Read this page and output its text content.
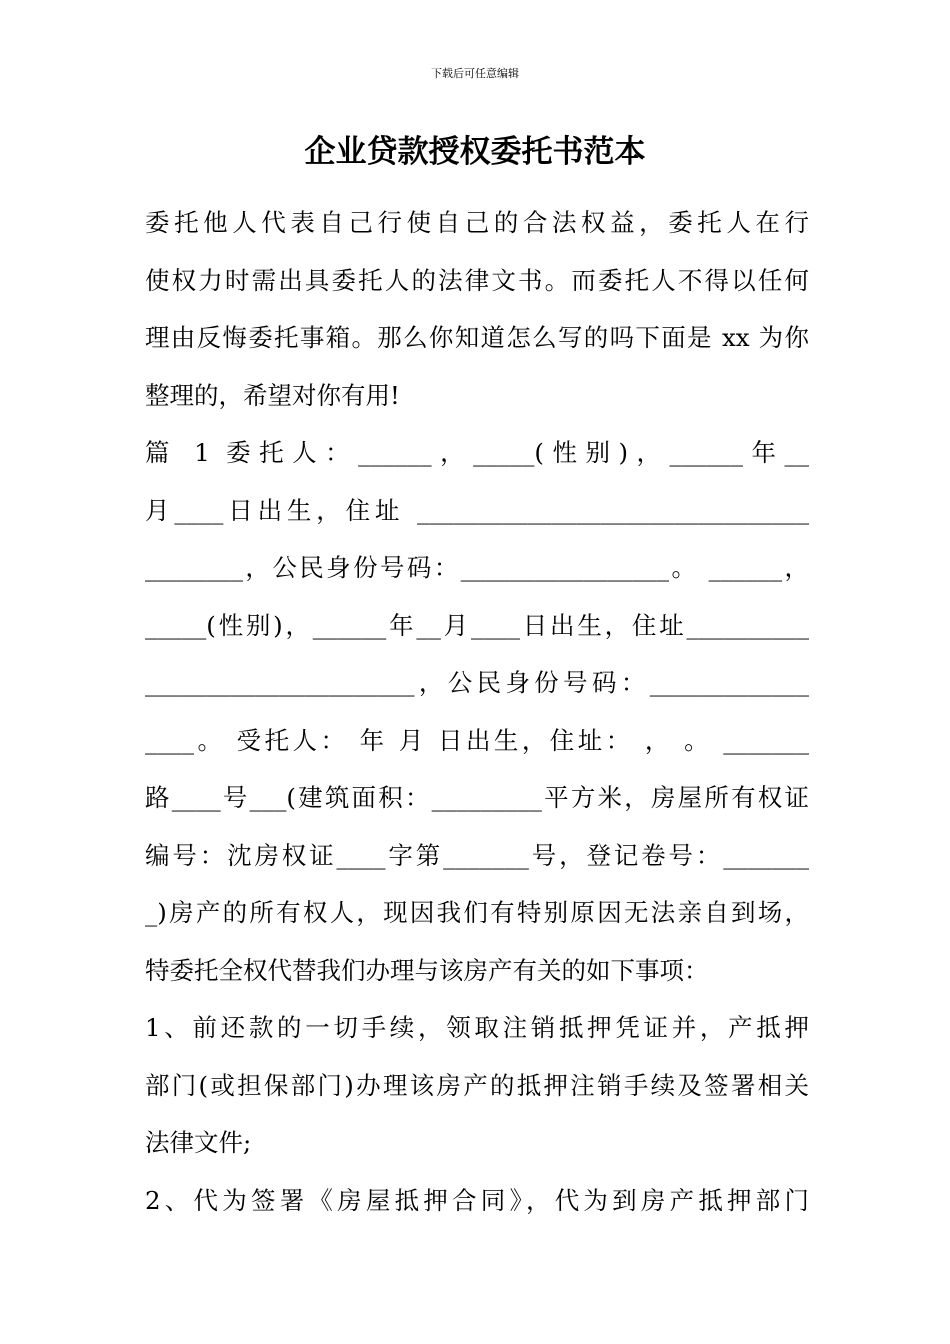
下载后可任意编辑
企业贷款授权委托书范本
委托他人代表自己行使自己的合法权益，委托人在行
使权力时需出具委托人的法律文书。而委托人不得以任何
理由反悔委托事箱。那么你知道怎么写的吗下面是 xx 为你
整理的，希望对你有用!
篇 1 委托人：______，_____(性别)，______年__
月____日出生，住址 ________________________________
________，公民身份号码：_________________。 ______，
_____(性别)，______年__月____日出生，住址__________
______________________，公民身份号码：_____________
____。 受托人： 年 月 日出生，住址： ， 。 _______
路____号___(建筑面积：_________平方米，房屋所有权证
编号：沈房权证____字第_______号，登记卷号：_______
_)房产的所有权人，现因我们有特别原因无法亲自到场，
特委托全权代替我们办理与该房产有关的如下事项：
1、前还款的一切手续，领取注销抵押凭证并，产抵押
部门(或担保部门)办理该房产的抵押注销手续及签署相关
法律文件;
2、代为签署《房屋抵押合同》，代为到房产抵押部门
